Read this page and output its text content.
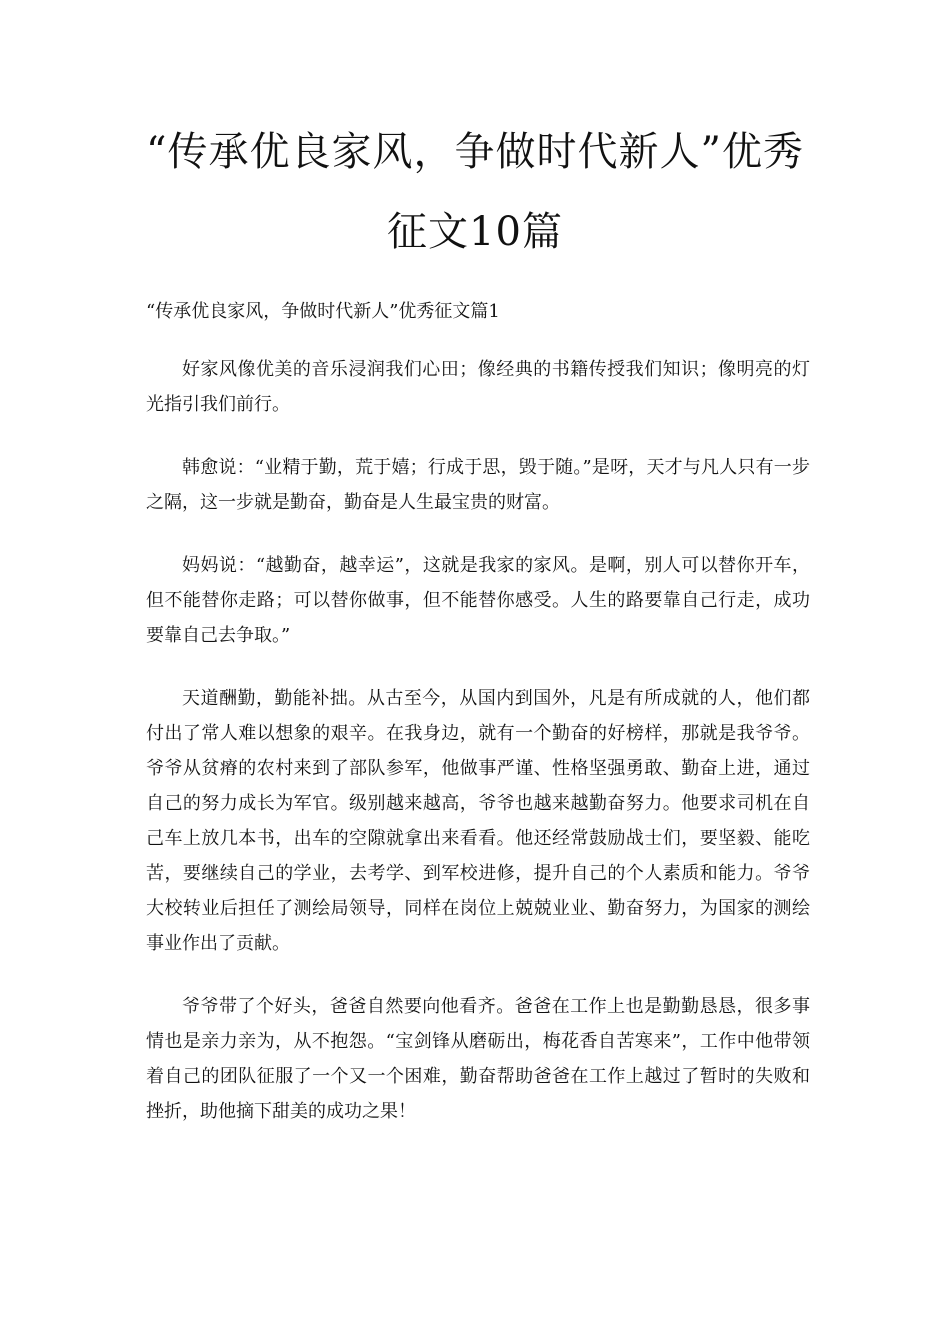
“传承优良家风，争做时代新人”优秀征文10篇

“传承优良家风，争做时代新人”优秀征文篇1

好家风像优美的音乐浸润我们心田；像经典的书籍传授我们知识；像明亮的灯光指引我们前行。

韩愈说：“业精于勤，荒于嬉；行成于思，毁于随。”是呀，天才与凡人只有一步之隔，这一步就是勤奋，勤奋是人生最宝贵的财富。

妈妈说：“越勤奋，越幸运”，这就是我家的家风。是啊，别人可以替你开车，但不能替你走路；可以替你做事，但不能替你感受。人生的路要靠自己行走，成功要靠自己去争取。”

天道酬勤，勤能补拙。从古至今，从国内到国外，凡是有所成就的人，他们都付出了常人难以想象的艰辛。在我身边，就有一个勤奋的好榜样，那就是我爷爷。爷爷从贫瘠的农村来到了部队参军，他做事严谨、性格坚强勇敢、勤奋上进，通过自己的努力成长为军官。级别越来越高，爷爷也越来越勤奋努力。他要求司机在自己车上放几本书，出车的空隙就拿出来看看。他还经常鼓励战士们，要坚毅、能吃苦，要继续自己的学业，去考学、到军校进修，提升自己的个人素质和能力。爷爷大校转业后担任了测绘局领导，同样在岗位上兢兢业业、勤奋努力，为国家的测绘事业作出了贡献。

爷爷带了个好头，爸爸自然要向他看齐。爸爸在工作上也是勤勤恳恳，很多事情也是亲力亲为，从不抱怨。“宝剑锋从磨砺出，梅花香自苦寒来”，工作中他带领着自己的团队征服了一个又一个困难，勤奋帮助爸爸在工作上越过了暂时的失败和挫折，助他摘下甜美的成功之果！
